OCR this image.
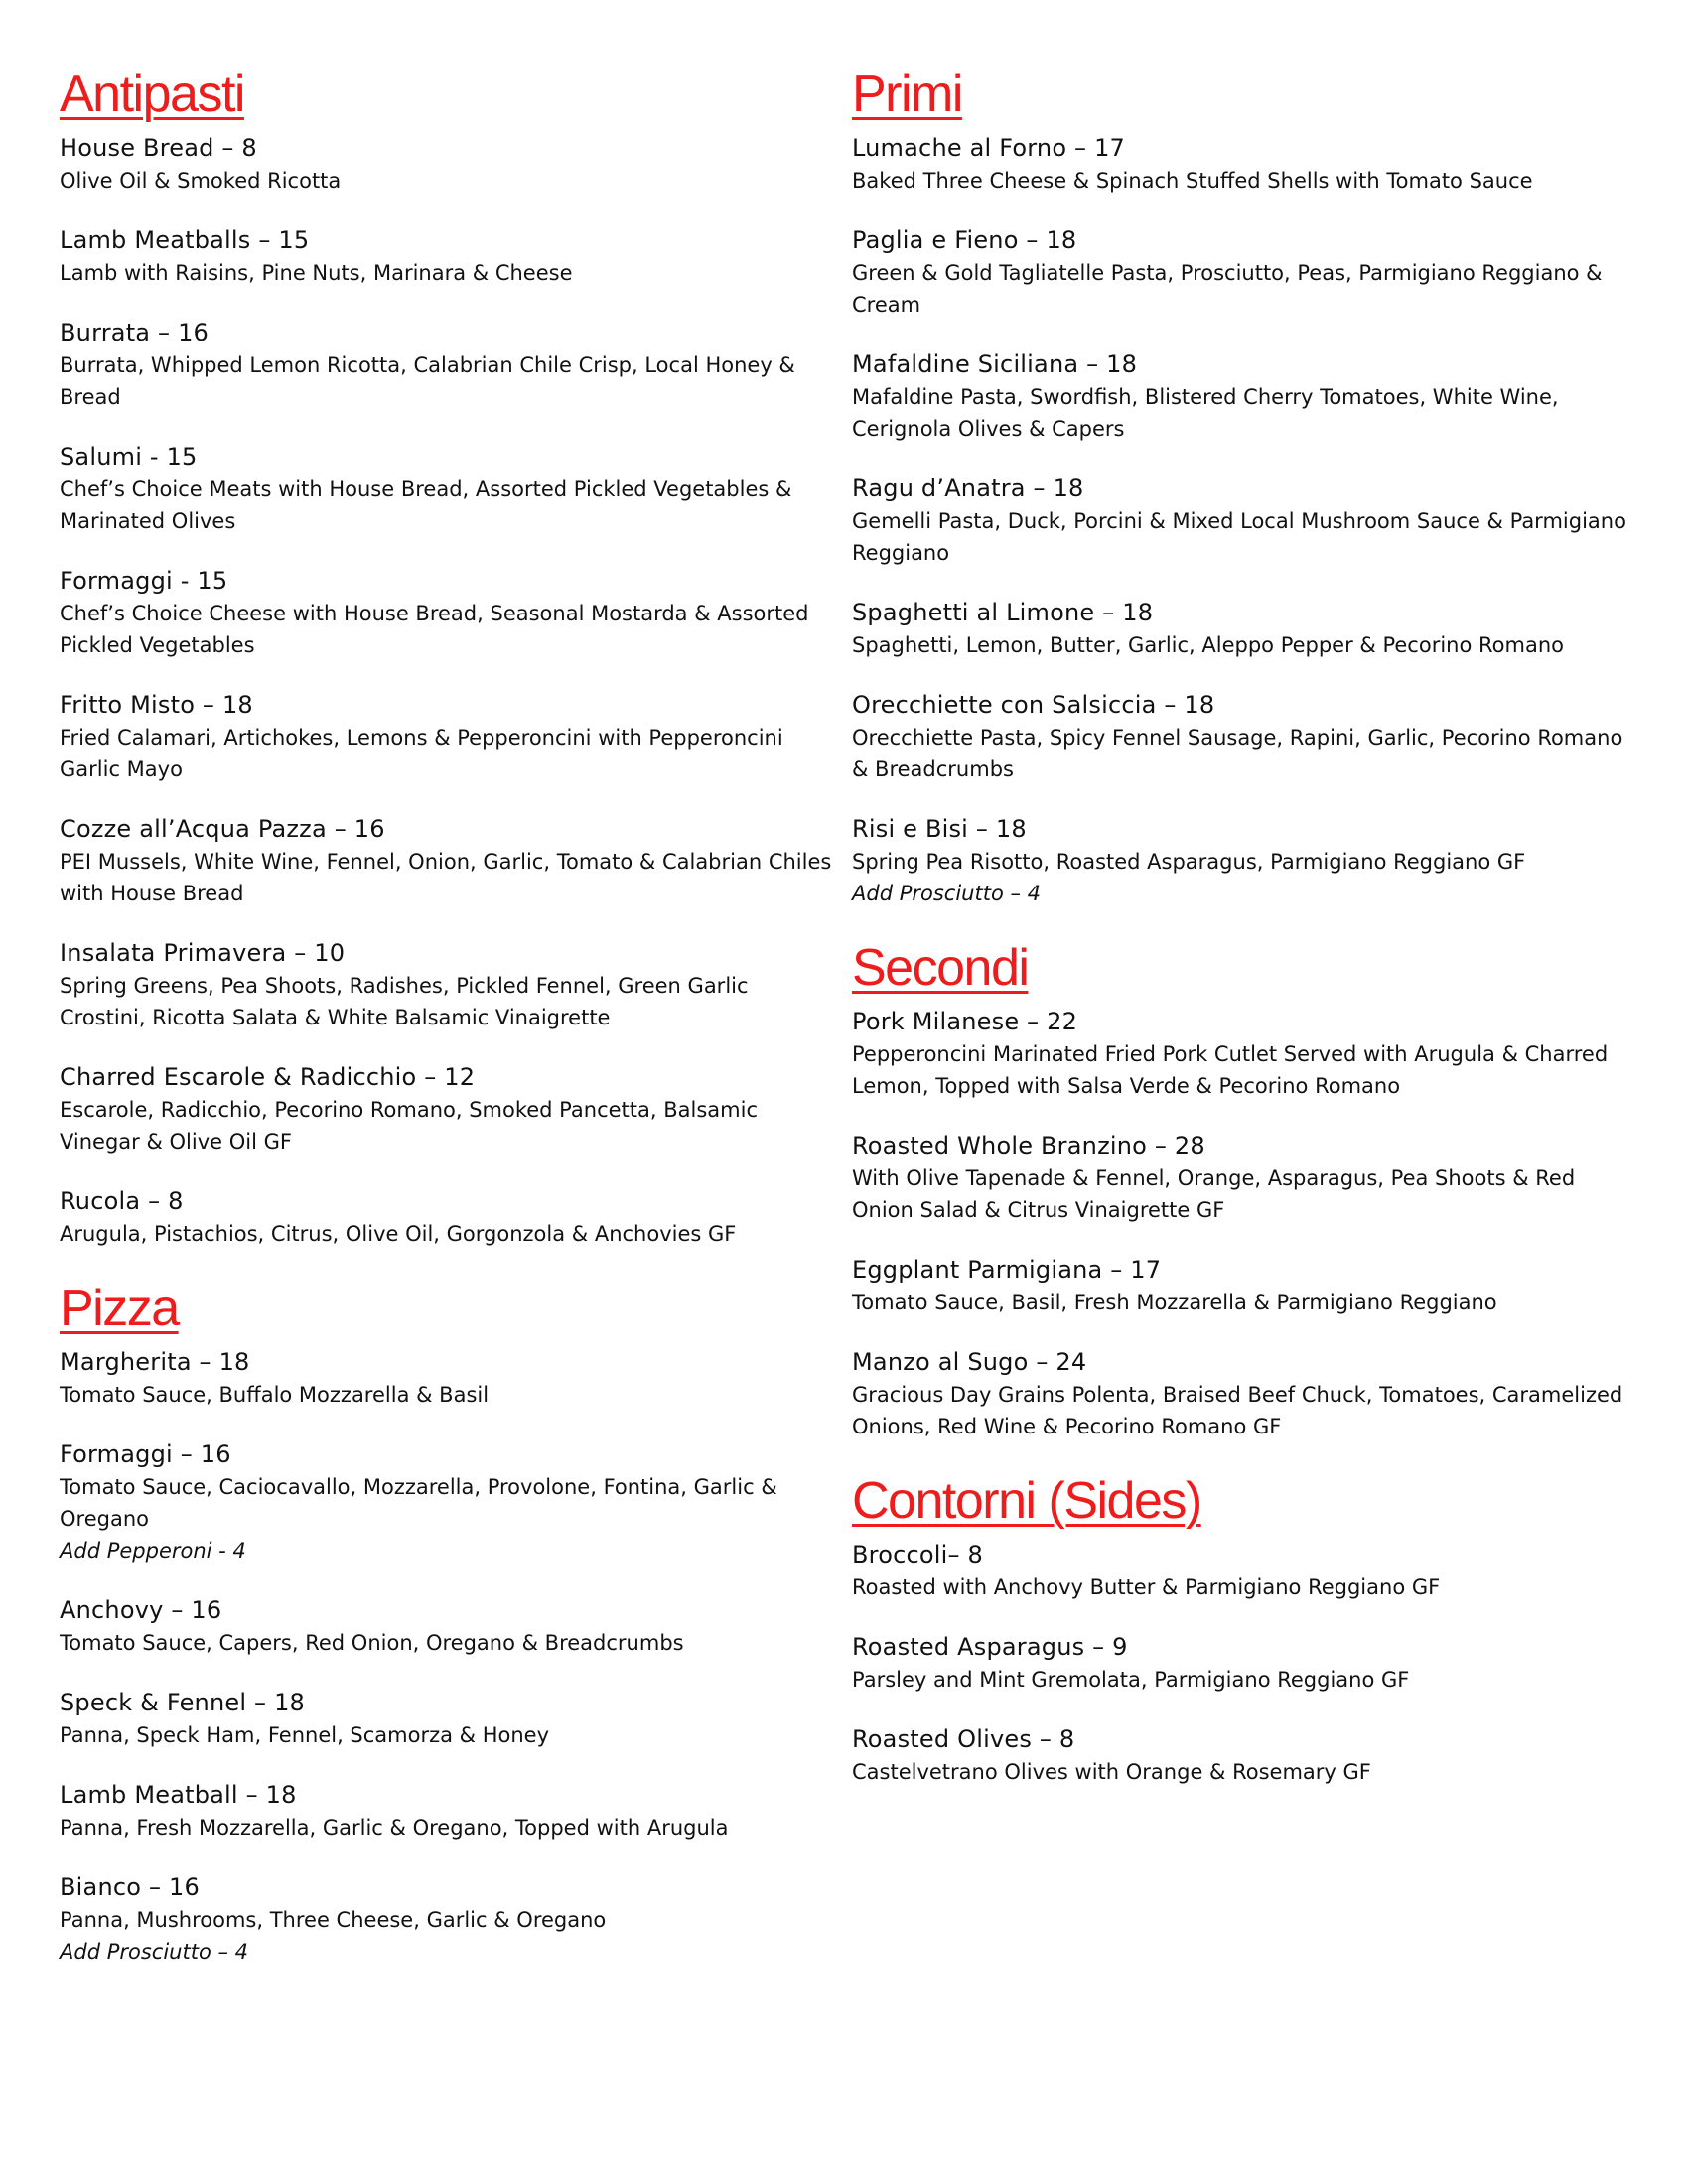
Antipasti
House Bread – 8
Olive Oil & Smoked Ricotta
Lamb Meatballs – 15
Lamb with Raisins, Pine Nuts, Marinara & Cheese
Burrata – 16
Burrata, Whipped Lemon Ricotta, Calabrian Chile Crisp, Local Honey & Bread
Salumi - 15
Chef’s Choice Meats with House Bread, Assorted Pickled Vegetables & Marinated Olives
Formaggi - 15
Chef’s Choice Cheese with House Bread, Seasonal Mostarda & Assorted Pickled Vegetables
Fritto Misto – 18
Fried Calamari, Artichokes, Lemons & Pepperoncini with Pepperoncini Garlic Mayo
Cozze all’Acqua Pazza – 16
PEI Mussels, White Wine, Fennel, Onion, Garlic, Tomato & Calabrian Chiles with House Bread
Insalata Primavera – 10
Spring Greens, Pea Shoots, Radishes, Pickled Fennel, Green Garlic Crostini, Ricotta Salata & White Balsamic Vinaigrette
Charred Escarole & Radicchio – 12
Escarole, Radicchio, Pecorino Romano, Smoked Pancetta, Balsamic Vinegar & Olive Oil GF
Rucola – 8
Arugula, Pistachios, Citrus, Olive Oil, Gorgonzola & Anchovies GF
Pizza
Margherita – 18
Tomato Sauce, Buffalo Mozzarella & Basil
Formaggi – 16
Tomato Sauce, Caciocavallo, Mozzarella, Provolone, Fontina, Garlic & Oregano
Add Pepperoni - 4
Anchovy – 16
Tomato Sauce, Capers, Red Onion, Oregano & Breadcrumbs
Speck & Fennel – 18
Panna, Speck Ham, Fennel, Scamorza & Honey
Lamb Meatball – 18
Panna, Fresh Mozzarella, Garlic & Oregano, Topped with Arugula
Bianco – 16
Panna, Mushrooms, Three Cheese, Garlic & Oregano
Add Prosciutto – 4
Primi
Lumache al Forno – 17
Baked Three Cheese & Spinach Stuffed Shells with Tomato Sauce
Paglia e Fieno – 18
Green & Gold Tagliatelle Pasta, Prosciutto, Peas, Parmigiano Reggiano & Cream
Mafaldine Siciliana – 18
Mafaldine Pasta, Swordfish, Blistered Cherry Tomatoes, White Wine, Cerignola Olives & Capers
Ragu d’Anatra – 18
Gemelli Pasta, Duck, Porcini & Mixed Local Mushroom Sauce & Parmigiano Reggiano
Spaghetti al Limone – 18
Spaghetti, Lemon, Butter, Garlic, Aleppo Pepper & Pecorino Romano
Orecchiette con Salsiccia – 18
Orecchiette Pasta, Spicy Fennel Sausage, Rapini, Garlic, Pecorino Romano & Breadcrumbs
Risi e Bisi – 18
Spring Pea Risotto, Roasted Asparagus, Parmigiano Reggiano GF
Add Prosciutto – 4
Secondi
Pork Milanese – 22
Pepperoncini Marinated Fried Pork Cutlet Served with Arugula & Charred Lemon, Topped with Salsa Verde & Pecorino Romano
Roasted Whole Branzino – 28
With Olive Tapenade & Fennel, Orange, Asparagus, Pea Shoots & Red Onion Salad & Citrus Vinaigrette GF
Eggplant Parmigiana – 17
Tomato Sauce, Basil, Fresh Mozzarella & Parmigiano Reggiano
Manzo al Sugo – 24
Gracious Day Grains Polenta, Braised Beef Chuck, Tomatoes, Caramelized Onions, Red Wine & Pecorino Romano GF
Contorni (Sides)
Broccoli– 8
Roasted with Anchovy Butter & Parmigiano Reggiano GF
Roasted Asparagus – 9
Parsley and Mint Gremolata, Parmigiano Reggiano GF
Roasted Olives – 8
Castelvetrano Olives with Orange & Rosemary GF
